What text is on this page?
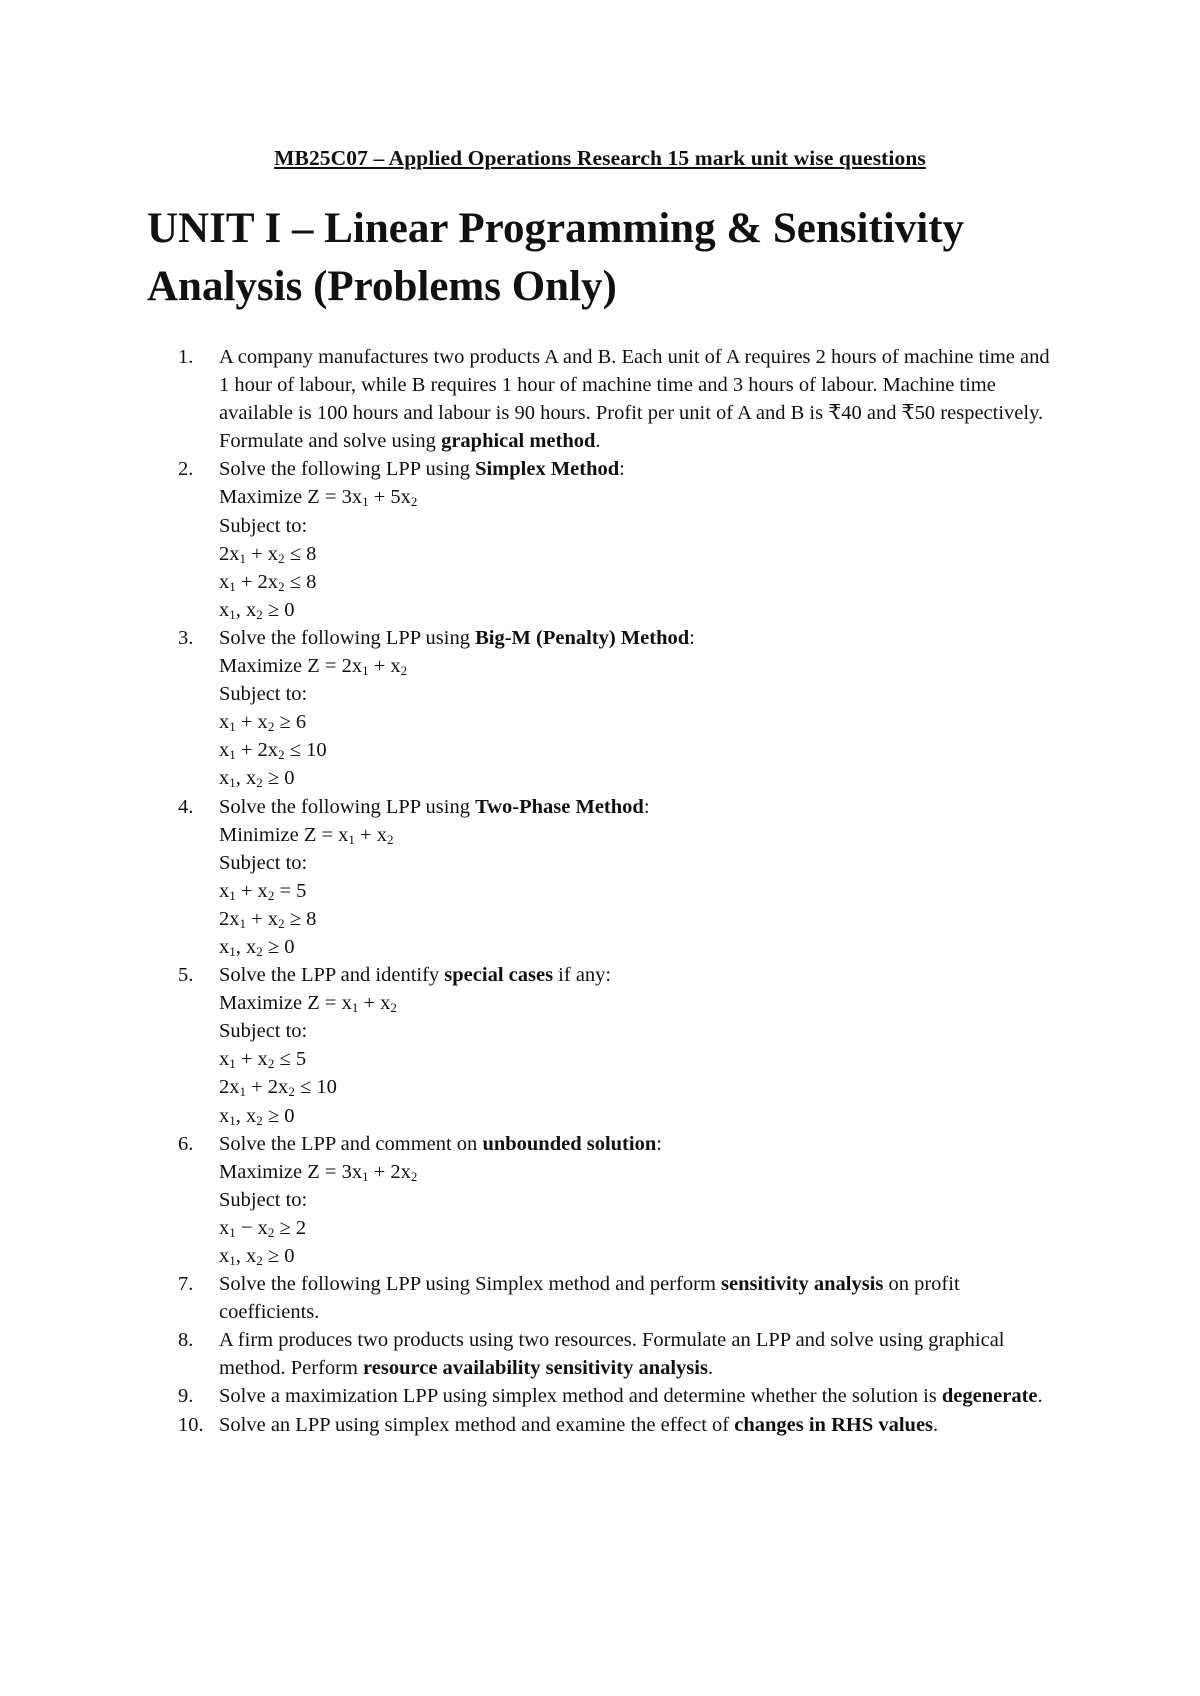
MB25C07 – Applied Operations Research 15 mark unit wise questions
UNIT I – Linear Programming & Sensitivity Analysis (Problems Only)
1.	A company manufactures two products A and B. Each unit of A requires 2 hours of machine time and 1 hour of labour, while B requires 1 hour of machine time and 3 hours of labour. Machine time available is 100 hours and labour is 90 hours. Profit per unit of A and B is ₹40 and ₹50 respectively. Formulate and solve using graphical method.
2.	Solve the following LPP using Simplex Method:
Maximize $Z = 3x_1 + 5x_2$
Subject to:
$2x_1 + x_2 \le 8$
$x_1 + 2x_2 \le 8$
$x_1$, $x_2 \ge 0$
3.	Solve the following LPP using Big-M (Penalty) Method:
Maximize $Z = 2x_1 + x_2$
Subject to:
$x_1 + x_2 \ge 6$
$x_1 + 2x_2 \le 10$
$x_1$, $x_2 \ge 0$
4.	Solve the following LPP using Two-Phase Method:
Minimize $Z = x_1 + x_2$
Subject to:
$x_1 + x_2 = 5$
$2x_1 + x_2 \ge 8$
$x_1$, $x_2 \ge 0$
5.	Solve the LPP and identify special cases if any:
Maximize $Z = x_1 + x_2$
Subject to:
$x_1 + x_2 \le 5$
$2x_1 + 2x_2 \le 10$
$x_1$, $x_2 \ge 0$
6.	Solve the LPP and comment on unbounded solution:
Maximize $Z = 3x_1 + 2x_2$
Subject to:
$x_1 - x_2 \ge 2$
$x_1$, $x_2 \ge 0$
7.	Solve the following LPP using Simplex method and perform sensitivity analysis on profit coefficients.
8.	A firm produces two products using two resources. Formulate an LPP and solve using graphical method. Perform resource availability sensitivity analysis.
9.	Solve a maximization LPP using simplex method and determine whether the solution is degenerate.
10. Solve an LPP using simplex method and examine the effect of changes in RHS values.
